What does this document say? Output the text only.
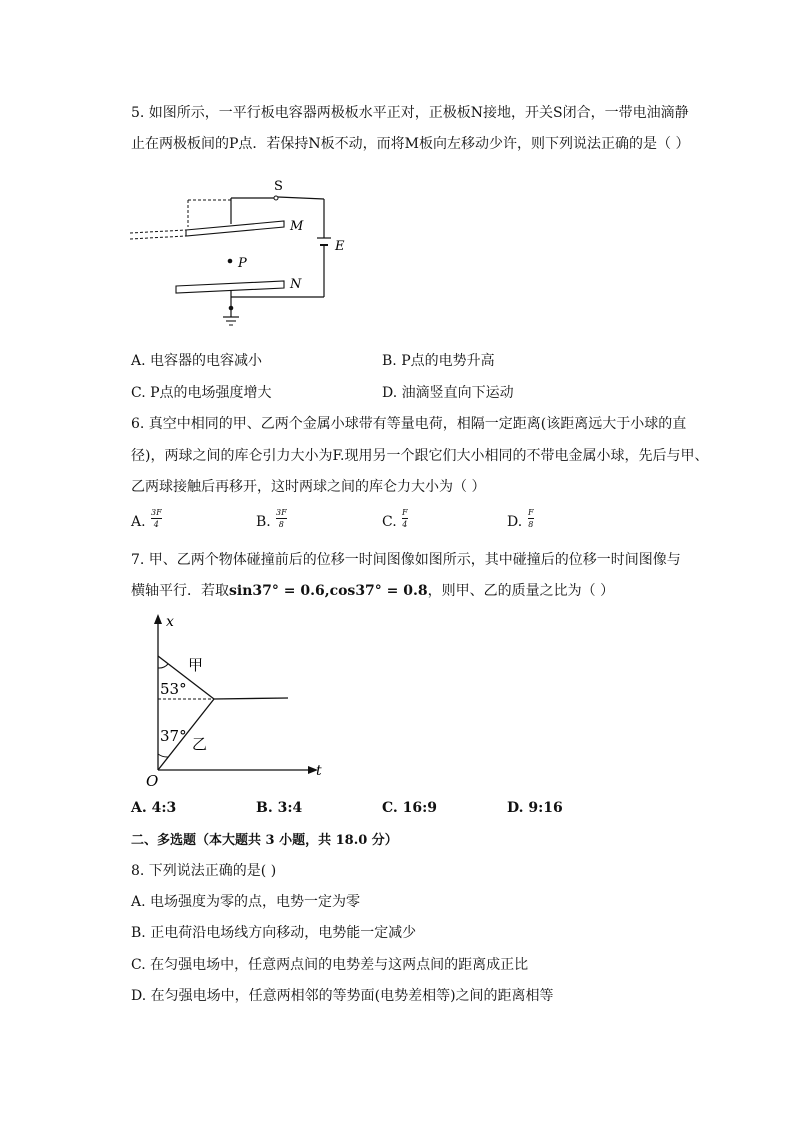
5. 如图所示，一平行板电容器两极板水平正对，正极板N接地，开关S闭合，一带电油滴静
止在两极板间的P点．若保持N板不动，而将M板向左移动少许，则下列说法正确的是（ ）
S
M
E
P
N
A. 电容器的电容减小	B. P点的电势升高
C. P点的电场强度增大	D. 油滴竖直向下运动
6. 真空中相同的甲、乙两个金属小球带有等量电荷，相隔一定距离(该距离远大于小球的直
径)，两球之间的库仑引力大小为F.现用另一个跟它们大小相同的不带电金属小球，先后与甲、
乙两球接触后再移开，这时两球之间的库仑力大小为（ ）
A.
3F
4	B.
3F
8	C.
F
4	D.
F
8
7. 甲、乙两个物体碰撞前后的位移一时间图像如图所示，其中碰撞后的位移一时间图像与
横轴平行．若取sin37° = 0.6,cos37° = 0.8，则甲、乙的质量之比为（ ）
x
t
O
甲
53°
37° 乙
A. 4:3	B. 3:4	C. 16:9	D. 9:16
二、多选题（本大题共 3 小题，共 18.0 分）
8. 下列说法正确的是( )
A. 电场强度为零的点，电势一定为零
B. 正电荷沿电场线方向移动，电势能一定减少
C. 在匀强电场中，任意两点间的电势差与这两点间的距离成正比
D. 在匀强电场中，任意两相邻的等势面(电势差相等)之间的距离相等
